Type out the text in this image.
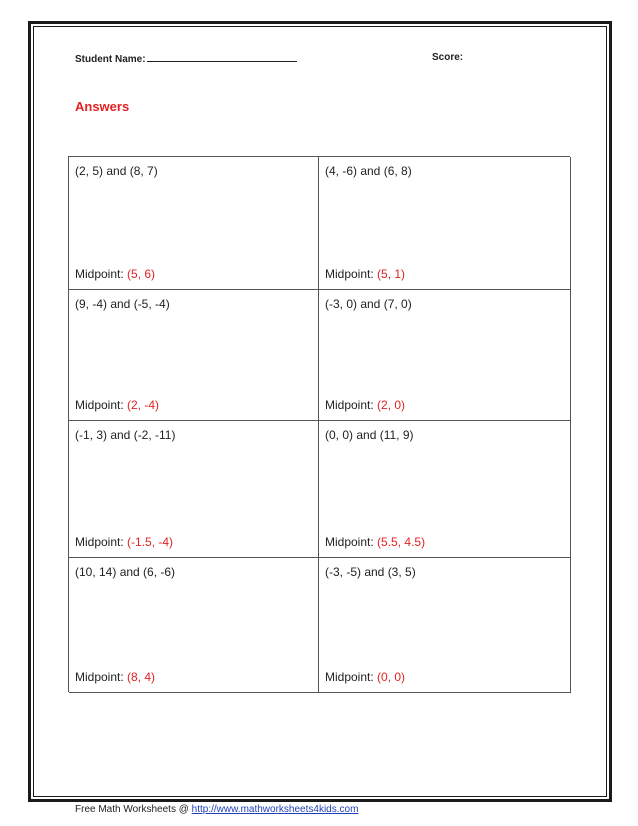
Student Name:	Score:
Answers
(2, 5) and (8, 7)
Midpoint: (5, 6)
(4, -6) and (6, 8)
Midpoint: (5, 1)
(9, -4) and (-5, -4)
Midpoint: (2, -4)
(-3, 0) and (7, 0)
Midpoint: (2, 0)
(-1, 3) and (-2, -11)
Midpoint: (-1.5, -4)
(0, 0) and (11, 9)
Midpoint: (5.5, 4.5)
(10, 14) and (6, -6)
Midpoint: (8, 4)
(-3, -5) and (3, 5)
Midpoint: (0, 0)
Free Math Worksheets @ http://www.mathworksheets4kids.com
